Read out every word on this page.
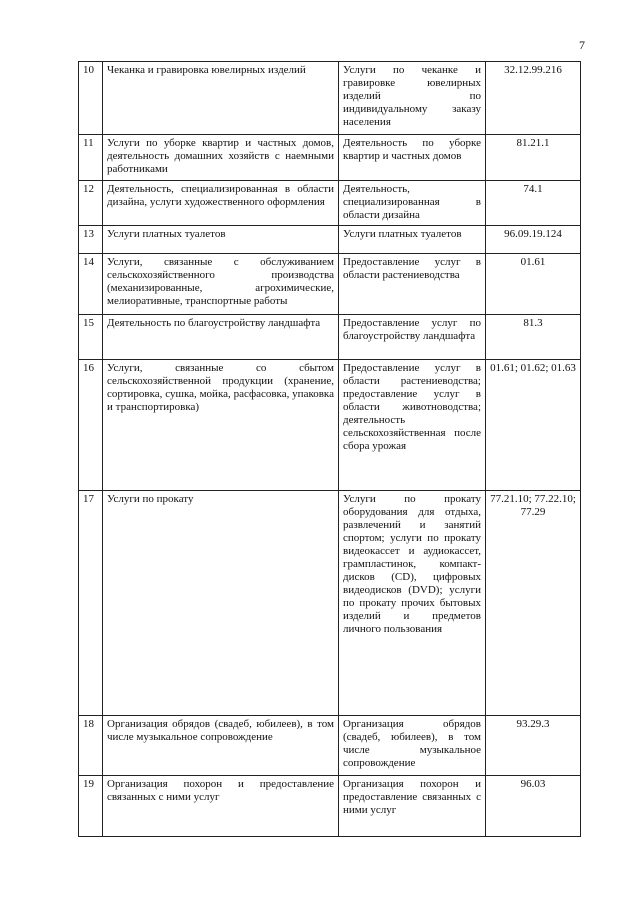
7
10	Чеканка и гравировка ювелирных изделий	Услуги по чеканке и гравировке ювелирных изделий по индивидуальному заказу населения	32.12.99.216
11	Услуги по уборке квартир и частных домов, деятельность домашних хозяйств с наемными работниками	Деятельность по уборке квартир и частных домов	81.21.1
12	Деятельность, специализированная в области дизайна, услуги художественного оформления	Деятельность, специализированная в области дизайна	74.1
13	Услуги платных туалетов	Услуги платных туалетов	96.09.19.124
14	Услуги, связанные с обслуживанием сельскохозяйственного производства (механизированные, агрохимические, мелиоративные, транспортные работы	Предоставление услуг в области растениеводства	01.61
15	Деятельность по благоустройству ландшафта	Предоставление услуг по благоустройству ландшафта	81.3
16	Услуги, связанные со сбытом сельскохозяйственной продукции (хранение, сортировка, сушка, мойка, расфасовка, упаковка и транспортировка)	Предоставление услуг в области растениеводства; предоставление услуг в области животноводства; деятельность сельскохозяйственная после сбора урожая	01.61; 01.62; 01.63
17	Услуги по прокату	Услуги по прокату оборудования для отдыха, развлечений и занятий спортом; услуги по прокату видеокассет и аудиокассет, грампластинок, компакт-дисков (CD), цифровых видеодисков (DVD); услуги по прокату прочих бытовых изделий и предметов личного пользования	77.21.10; 77.22.10; 77.29
18	Организация обрядов (свадеб, юбилеев), в том числе музыкальное сопровождение	Организация обрядов (свадеб, юбилеев), в том числе музыкальное сопровождение	93.29.3
19	Организация похорон и предоставление связанных с ними услуг	Организация похорон и предоставление связанных с ними услуг	96.03
